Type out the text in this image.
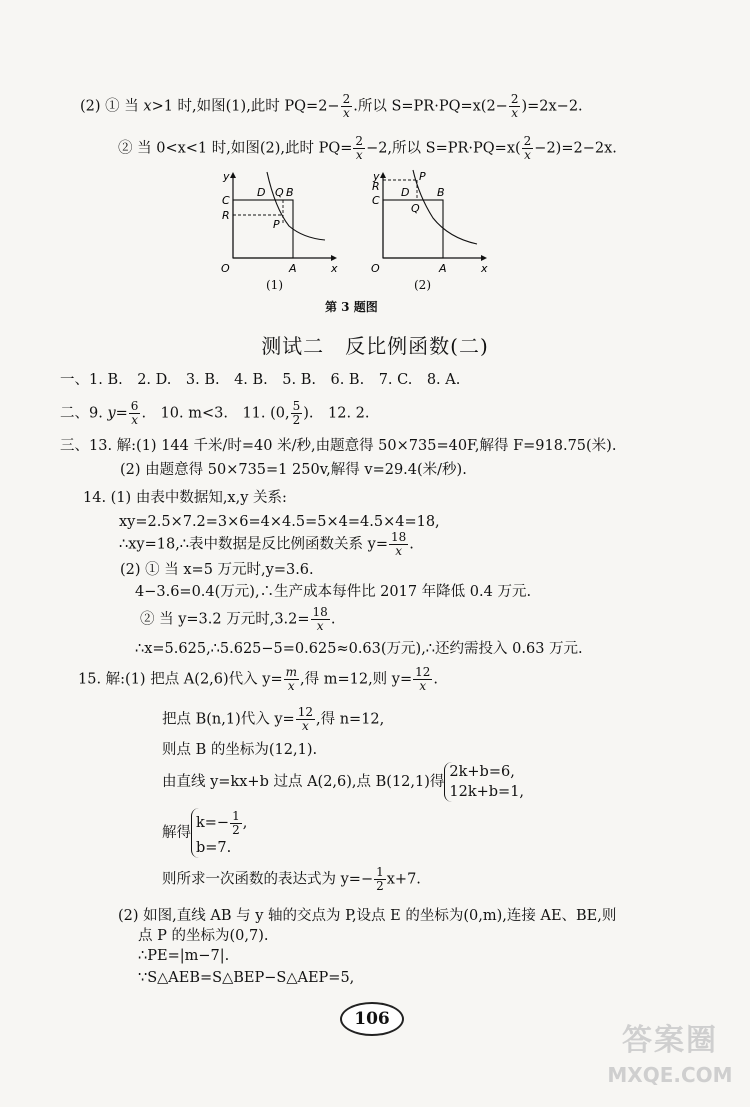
(2) ① 当 x>1 时,如图(1),此时 $PQ=2- \frac{2}{x}$ .所以 $S=PR\cdot PQ=x(2- \frac{2}{x} )=2x-2$.
② 当 0<x<1 时,如图(2),此时 $PQ= \frac{2}{x} -2$,所以 $S=PR\cdot PQ=x( \frac{2}{x} -2)=2-2x$.
y
x
O
C
R
D Q B
P
A
y
x
O
R
C
D
P
B
Q
A
(1)	(2)
第 3 题图
测试二　反比例函数(二)
一、1. B.　2. D.　3. B.　4. B.　5. B.　6. B.　7. C.　8. A.
二、9. $y= \frac{6}{x}$ .　10. m<3.　11. (0, $\frac{5}{2}$ ).　12. 2.
三、13. 解:(1) 144 千米/时=40 米/秒,由题意得 50×735=40F,解得 F=918.75(米).
(2) 由题意得 50×735=1 250v,解得 v=29.4(米/秒).
14. (1) 由表中数据知,x,y 关系:
xy=2.5×7.2=3×6=4×4.5=5×4=4.5×4=18,
∴xy=18,∴表中数据是反比例函数关系 $y= \frac{18}{x}$ .
(2) ① 当 x=5 万元时,y=3.6.
4−3.6=0.4(万元),∴生产成本每件比 2017 年降低 0.4 万元.
② 当 y=3.2 万元时$,3.2= \frac{18}{x}$ .
∴x=5.625,∴5.625−5=0.625≈0.63(万元),∴还约需投入 0.63 万元.
15. 解:(1) 把点 A(2,6)代入 $y= \frac{m}{x}$ ,得 m=12,则 $y= \frac{12}{x}$ .
把点 B(n,1)代入 $y= \frac{12}{x}$ ,得 n=12,
则点 B 的坐标为(12,1).
由直线 y=kx+b 过点 A(2,6),点 B(12,1)得
2k+b=6,
12k+b=1,
解得
$k=- \frac{1}{2}$ ,
b=7.
则所求一次函数的表达式为 $y=- \frac{1}{2} x+7$.
(2) 如图,直线 AB 与 y 轴的交点为 P,设点 E 的坐标为(0,m),连接 AE、BE,则
点 P 的坐标为(0,7).
∴PE=|m−7|.
∵S△AEB=S△BEP−S△AEP=5,
106
答案圈
MXQE.COM
